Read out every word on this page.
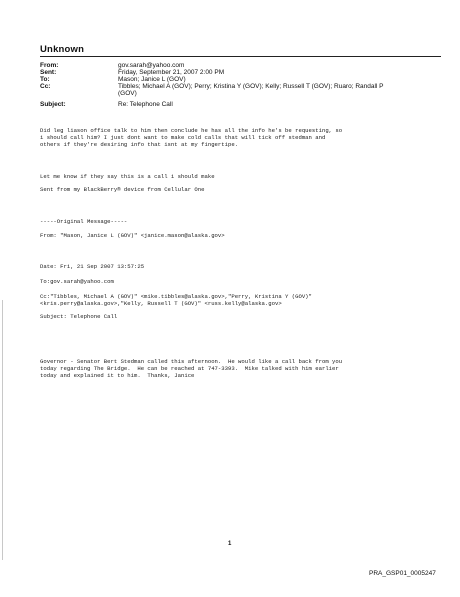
Unknown
From:	gov.sarah@yahoo.com
Sent:	Friday, September 21, 2007 2:00 PM
To:	Mason; Janice L (GOV)
Cc:	Tibbles; Michael A (GOV); Perry; Kristina Y (GOV); Kelly; Russell T (GOV); Ruaro; Randall P
(GOV)
Subject:	Re: Telephone Call
Did leg liason office talk to him then conclude he has all the info he's be requesting, so
i should call him? I just dont want to make cold calls that will tick off stedman and
others if they're desiring info that isnt at my fingertipe.
Let me know if they say this is a call i should make
Sent from my BlackBerry® device from Cellular One
-----Original Message-----
From: "Mason, Janice L (GOV)" <janice.mason@alaska.gov>
Date: Fri, 21 Sep 2007 13:57:25
To:gov.sarah@yahoo.com
Cc:"Tibbles, Michael A (GOV)" <mike.tibbles@alaska.gov>,"Perry, Kristina Y (GOV)"
<kris.perry@alaska.gov>,"Kelly, Russell T (GOV)" <russ.kelly@alaska.gov>
Subject: Telephone Call
Governor - Senator Bert Stedman called this afternoon.  He would like a call back from you
today regarding The Bridge.  He can be reached at 747-3393.  Mike talked with him earlier
today and explained it to him.  Thanks, Janice
1
PRA_GSP01_0005247
